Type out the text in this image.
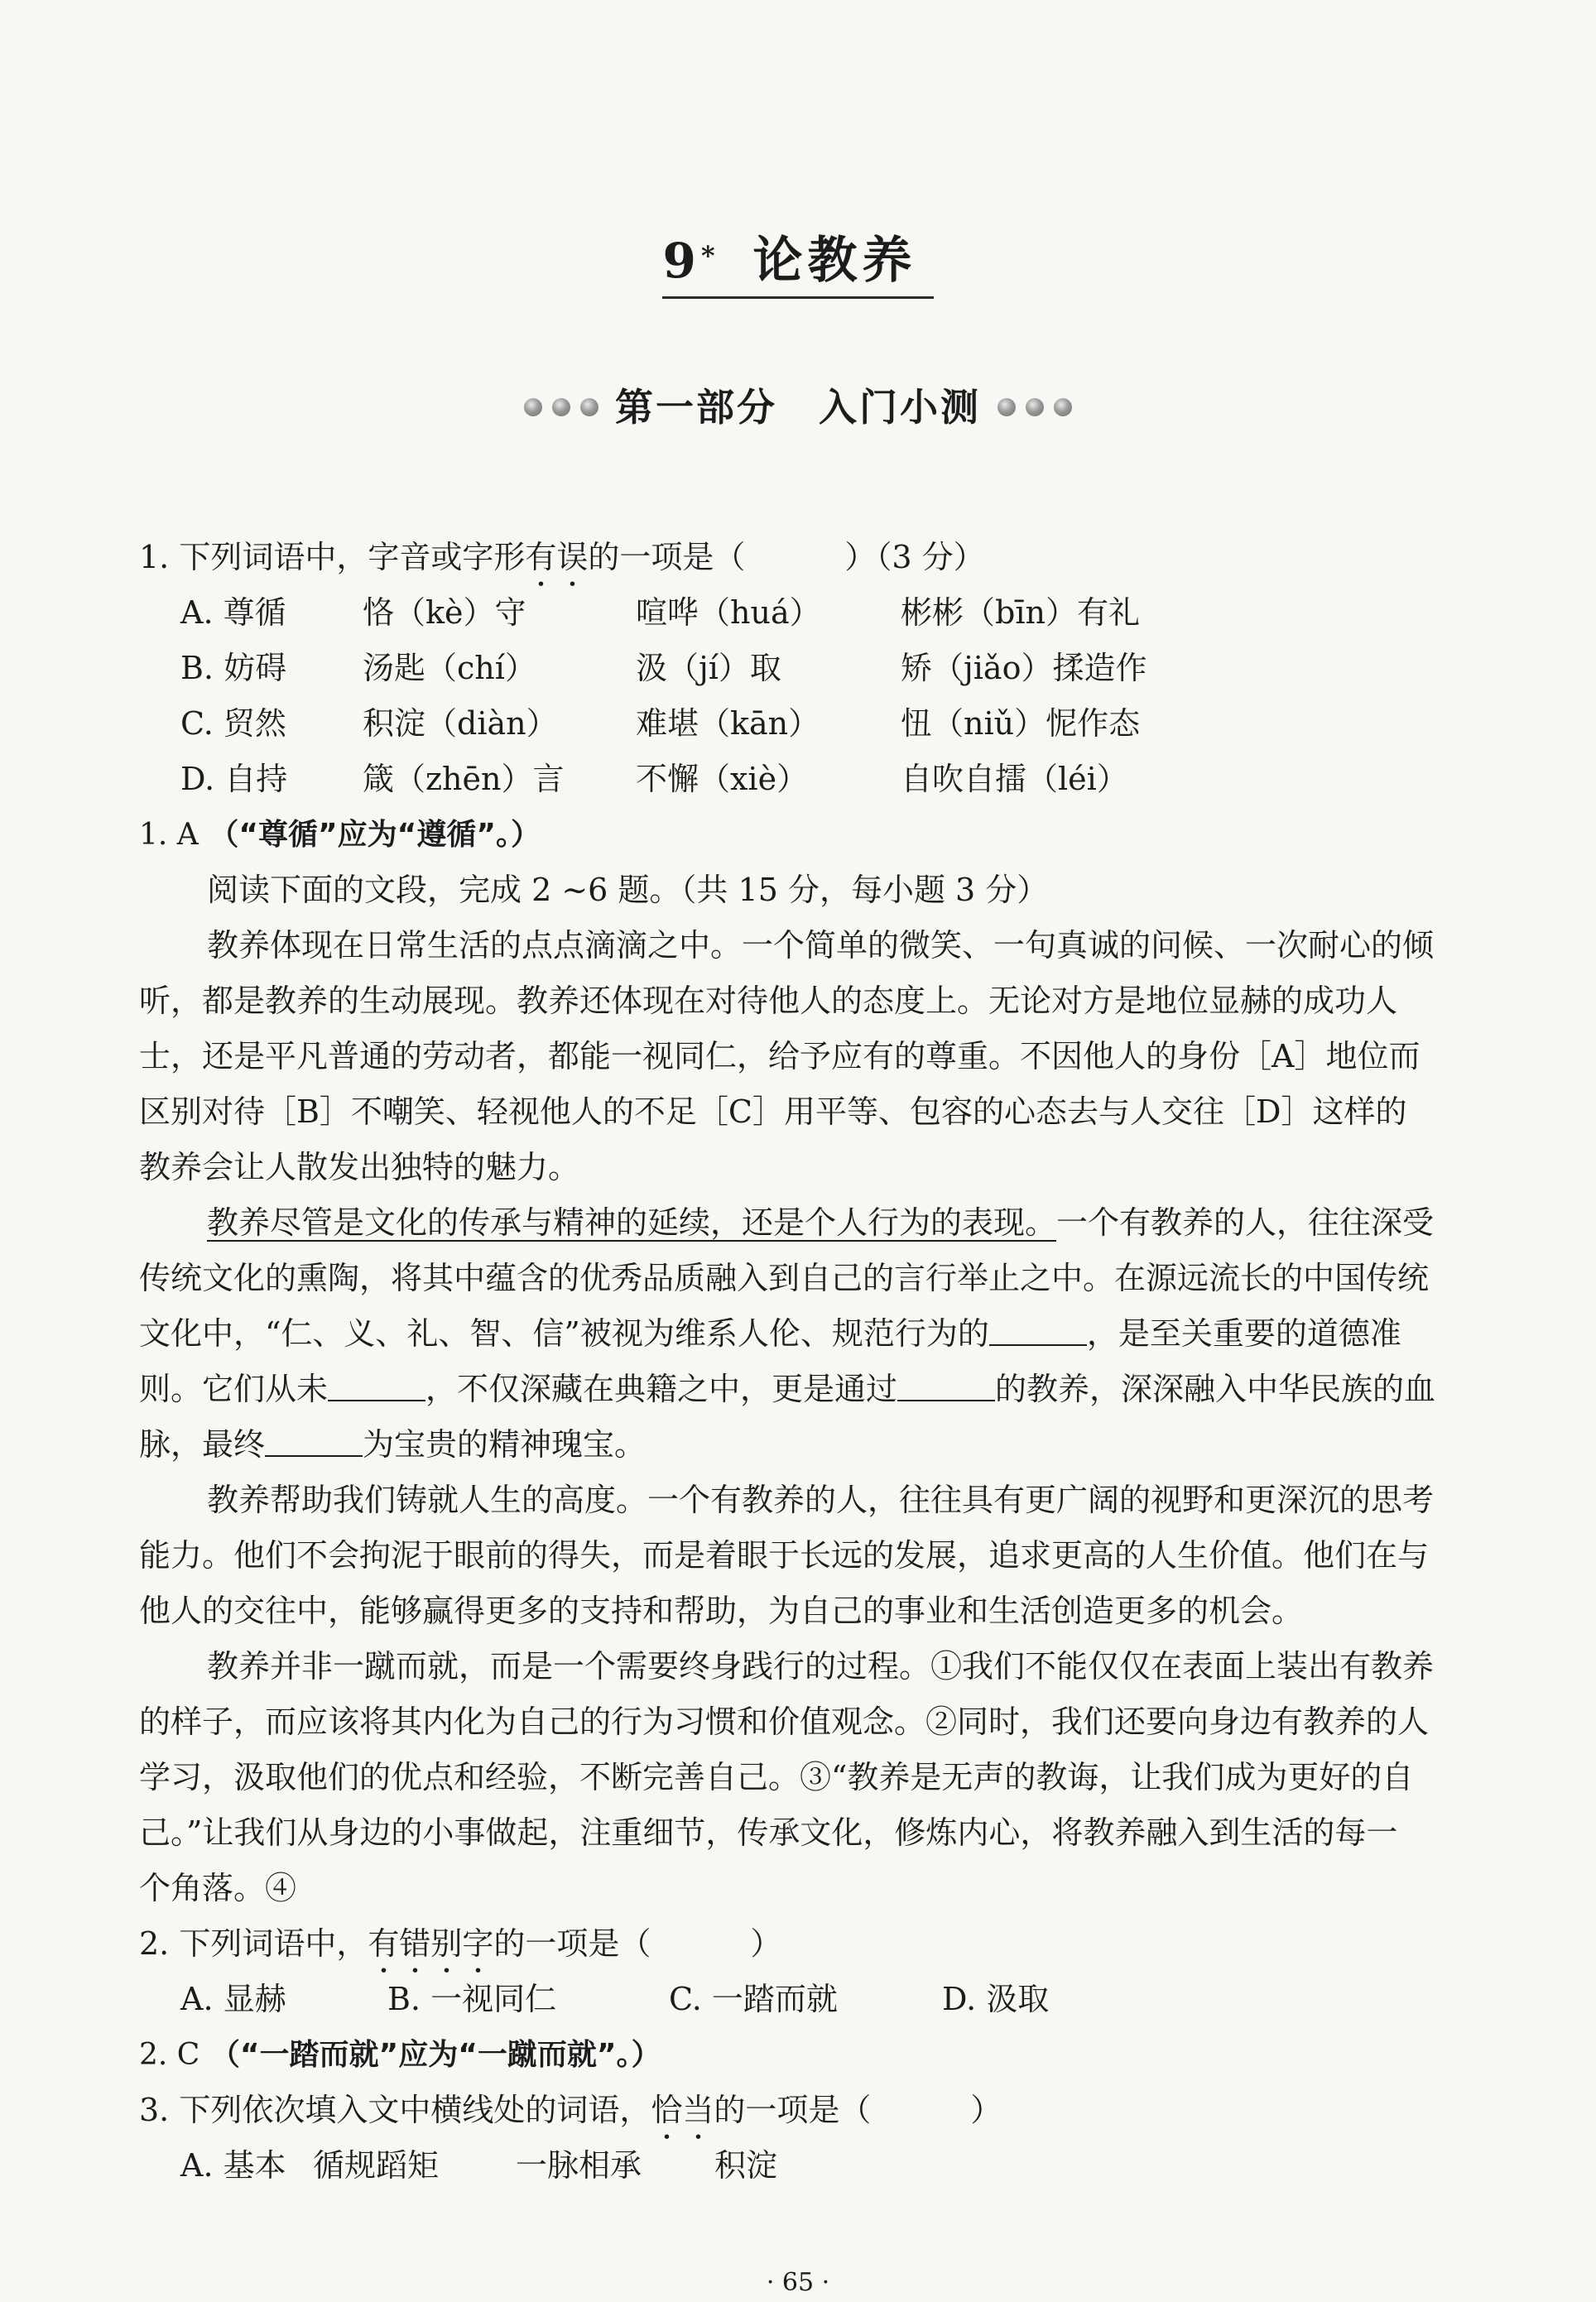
9 * 论教养
第一部分 入门小测
1. 下列词语中，字音或字形有误的一项是（	）（3 分）
A. 尊循	恪（kè）守	喧哗（huá）	彬彬（bīn）有礼
B. 妨碍	汤匙（chí）	汲（jí）取	矫（jiǎo）揉造作
C. 贸然	积淀（diàn）	难堪（kān）	忸（niǔ）怩作态
D. 自持	箴（zhēn）言	不懈（xiè）	自吹自擂（léi）
1. A （“尊循”应为“遵循”。）
阅读下面的文段，完成 2 ~6 题。（共 15 分，每小题 3 分）
教养体现在日常生活的点点滴滴之中。一个简单的微笑、一句真诚的问候、一次耐心的倾
听，都是教养的生动展现。教养还体现在对待他人的态度上。无论对方是地位显赫的成功人
士，还是平凡普通的劳动者，都能一视同仁，给予应有的尊重。不因他人的身份［A］地位而
区别对待［B］不嘲笑、轻视他人的不足［C］用平等、包容的心态去与人交往［D］这样的
教养会让人散发出独特的魅力。
教养尽管是文化的传承与精神的延续，还是个人行为的表现。一个有教养的人，往往深受
传统文化的熏陶，将其中蕴含的优秀品质融入到自己的言行举止之中。在源远流长的中国传统
文化中，“仁、义、礼、智、信”被视为维系人伦、规范行为的	，是至关重要的道德准
则。它们从未	，不仅深藏在典籍之中，更是通过	的教养，深深融入中华民族的血
脉，最终	为宝贵的精神瑰宝。
教养帮助我们铸就人生的高度。一个有教养的人，往往具有更广阔的视野和更深沉的思考
能力。他们不会拘泥于眼前的得失，而是着眼于长远的发展，追求更高的人生价值。他们在与
他人的交往中，能够赢得更多的支持和帮助，为自己的事业和生活创造更多的机会。
教养并非一蹴而就，而是一个需要终身践行的过程。①我们不能仅仅在表面上装出有教养
的样子，而应该将其内化为自己的行为习惯和价值观念。②同时，我们还要向身边有教养的人
学习，汲取他们的优点和经验，不断完善自己。③“教养是无声的教诲，让我们成为更好的自
己。”让我们从身边的小事做起，注重细节，传承文化，修炼内心，将教养融入到生活的每一
个角落。④
2. 下列词语中，有错别字的一项是（	）
A. 显赫	B. 一视同仁	C. 一踏而就	D. 汲取
2. C （“一踏而就”应为“一蹴而就”。）
3. 下列依次填入文中横线处的词语，恰当的一项是（	）
A. 基本 循规蹈矩	一脉相承	积淀
· 65 ·
